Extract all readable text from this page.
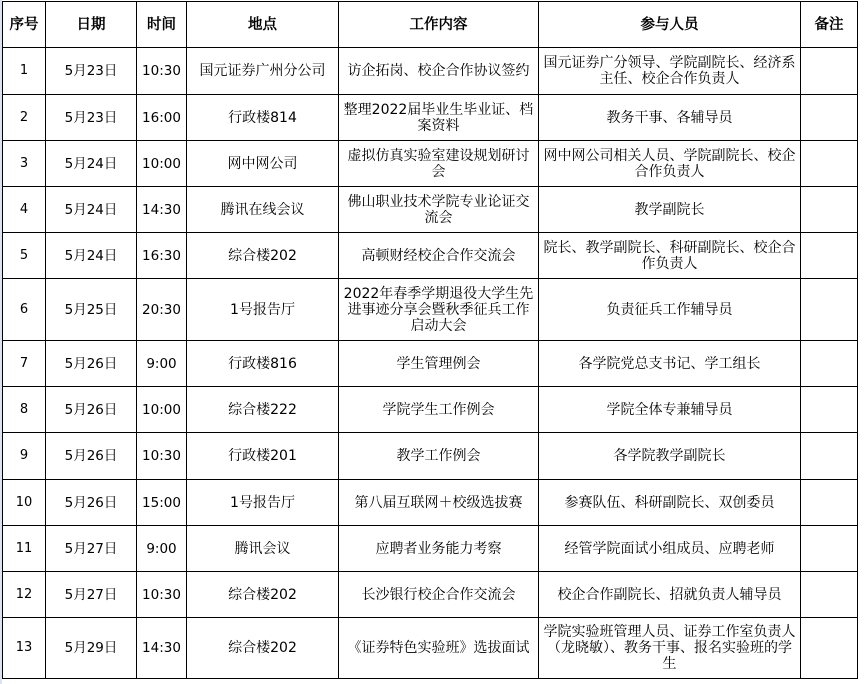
序号	日期	时间	地点	工作内容	参与人员	备注
1	5月23日	10:30	国元证券广州分公司	访企拓岗、校企合作协议签约	国元证券广分领导、学院副院长、经济系主任、校企合作负责人	
2	5月23日	16:00	行政楼814	整理2022届毕业生毕业证、档案资料	教务干事、各辅导员	
3	5月24日	10:00	网中网公司	虚拟仿真实验室建设规划研讨会	网中网公司相关人员、学院副院长、校企合作负责人	
4	5月24日	14:30	腾讯在线会议	佛山职业技术学院专业论证交流会	教学副院长	
5	5月24日	16:30	综合楼202	高顿财经校企合作交流会	院长、教学副院长、科研副院长、校企合作负责人	
6	5月25日	20:30	1号报告厅	2022年春季学期退役大学生先进事迹分享会暨秋季征兵工作启动大会	负责征兵工作辅导员	
7	5月26日	9:00	行政楼816	学生管理例会	各学院党总支书记、学工组长	
8	5月26日	10:00	综合楼222	学院学生工作例会	学院全体专兼辅导员	
9	5月26日	10:30	行政楼201	教学工作例会	各学院教学副院长	
10	5月26日	15:00	1号报告厅	第八届互联网＋校级选拔赛	参赛队伍、科研副院长、双创委员	
11	5月27日	9:00	腾讯会议	应聘者业务能力考察	经管学院面试小组成员、应聘老师	
12	5月27日	10:30	综合楼202	长沙银行校企合作交流会	校企合作副院长、招就负责人辅导员	
13	5月29日	14:30	综合楼202	《证券特色实验班》选拔面试	学院实验班管理人员、证券工作室负责人（龙晓敏）、教务干事、报名实验班的学生	
